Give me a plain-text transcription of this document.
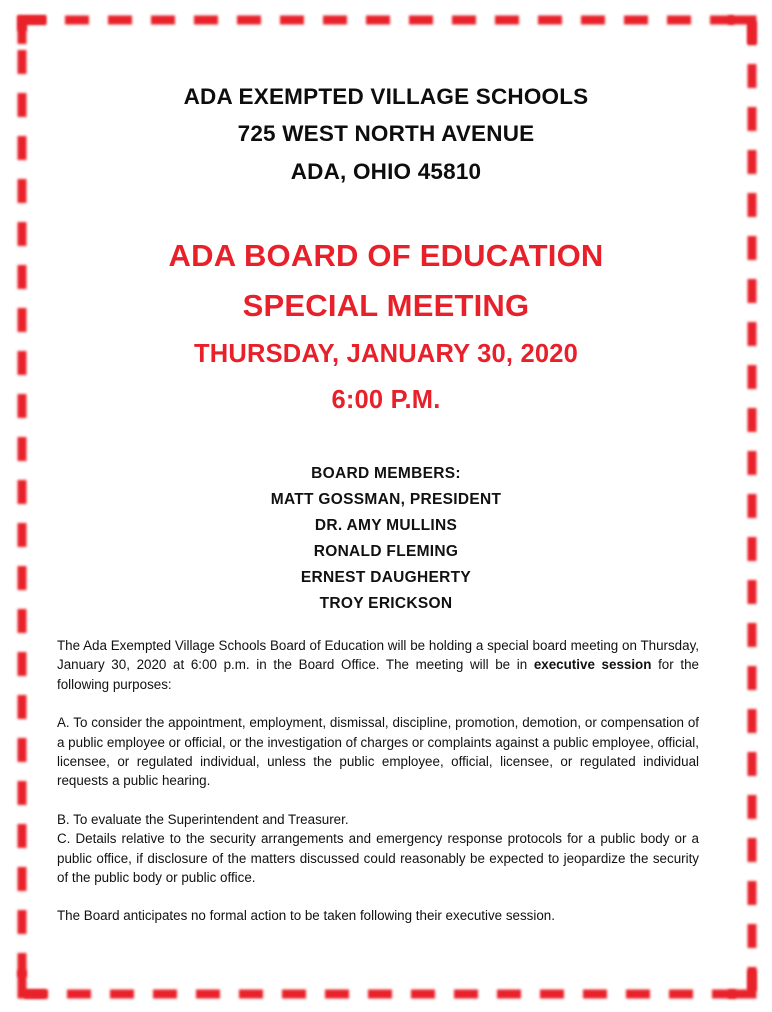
ADA EXEMPTED VILLAGE SCHOOLS
725 WEST NORTH AVENUE
ADA, OHIO 45810
ADA BOARD OF EDUCATION
SPECIAL MEETING
THURSDAY, JANUARY 30, 2020
6:00 P.M.
BOARD MEMBERS:
MATT GOSSMAN, PRESIDENT
DR. AMY MULLINS
RONALD FLEMING
ERNEST DAUGHERTY
TROY ERICKSON

The Ada Exempted Village Schools Board of Education will be holding a special board meeting on Thursday, January 30, 2020 at 6:00 p.m. in the Board Office. The meeting will be in executive session for the following purposes:

A. To consider the appointment, employment, dismissal, discipline, promotion, demotion, or compensation of a public employee or official, or the investigation of charges or complaints against a public employee, official, licensee, or regulated individual, unless the public employee, official, licensee, or regulated individual requests a public hearing.

B. To evaluate the Superintendent and Treasurer.

C. Details relative to the security arrangements and emergency response protocols for a public body or a public office, if disclosure of the matters discussed could reasonably be expected to jeopardize the security of the public body or public office.

The Board anticipates no formal action to be taken following their executive session.
